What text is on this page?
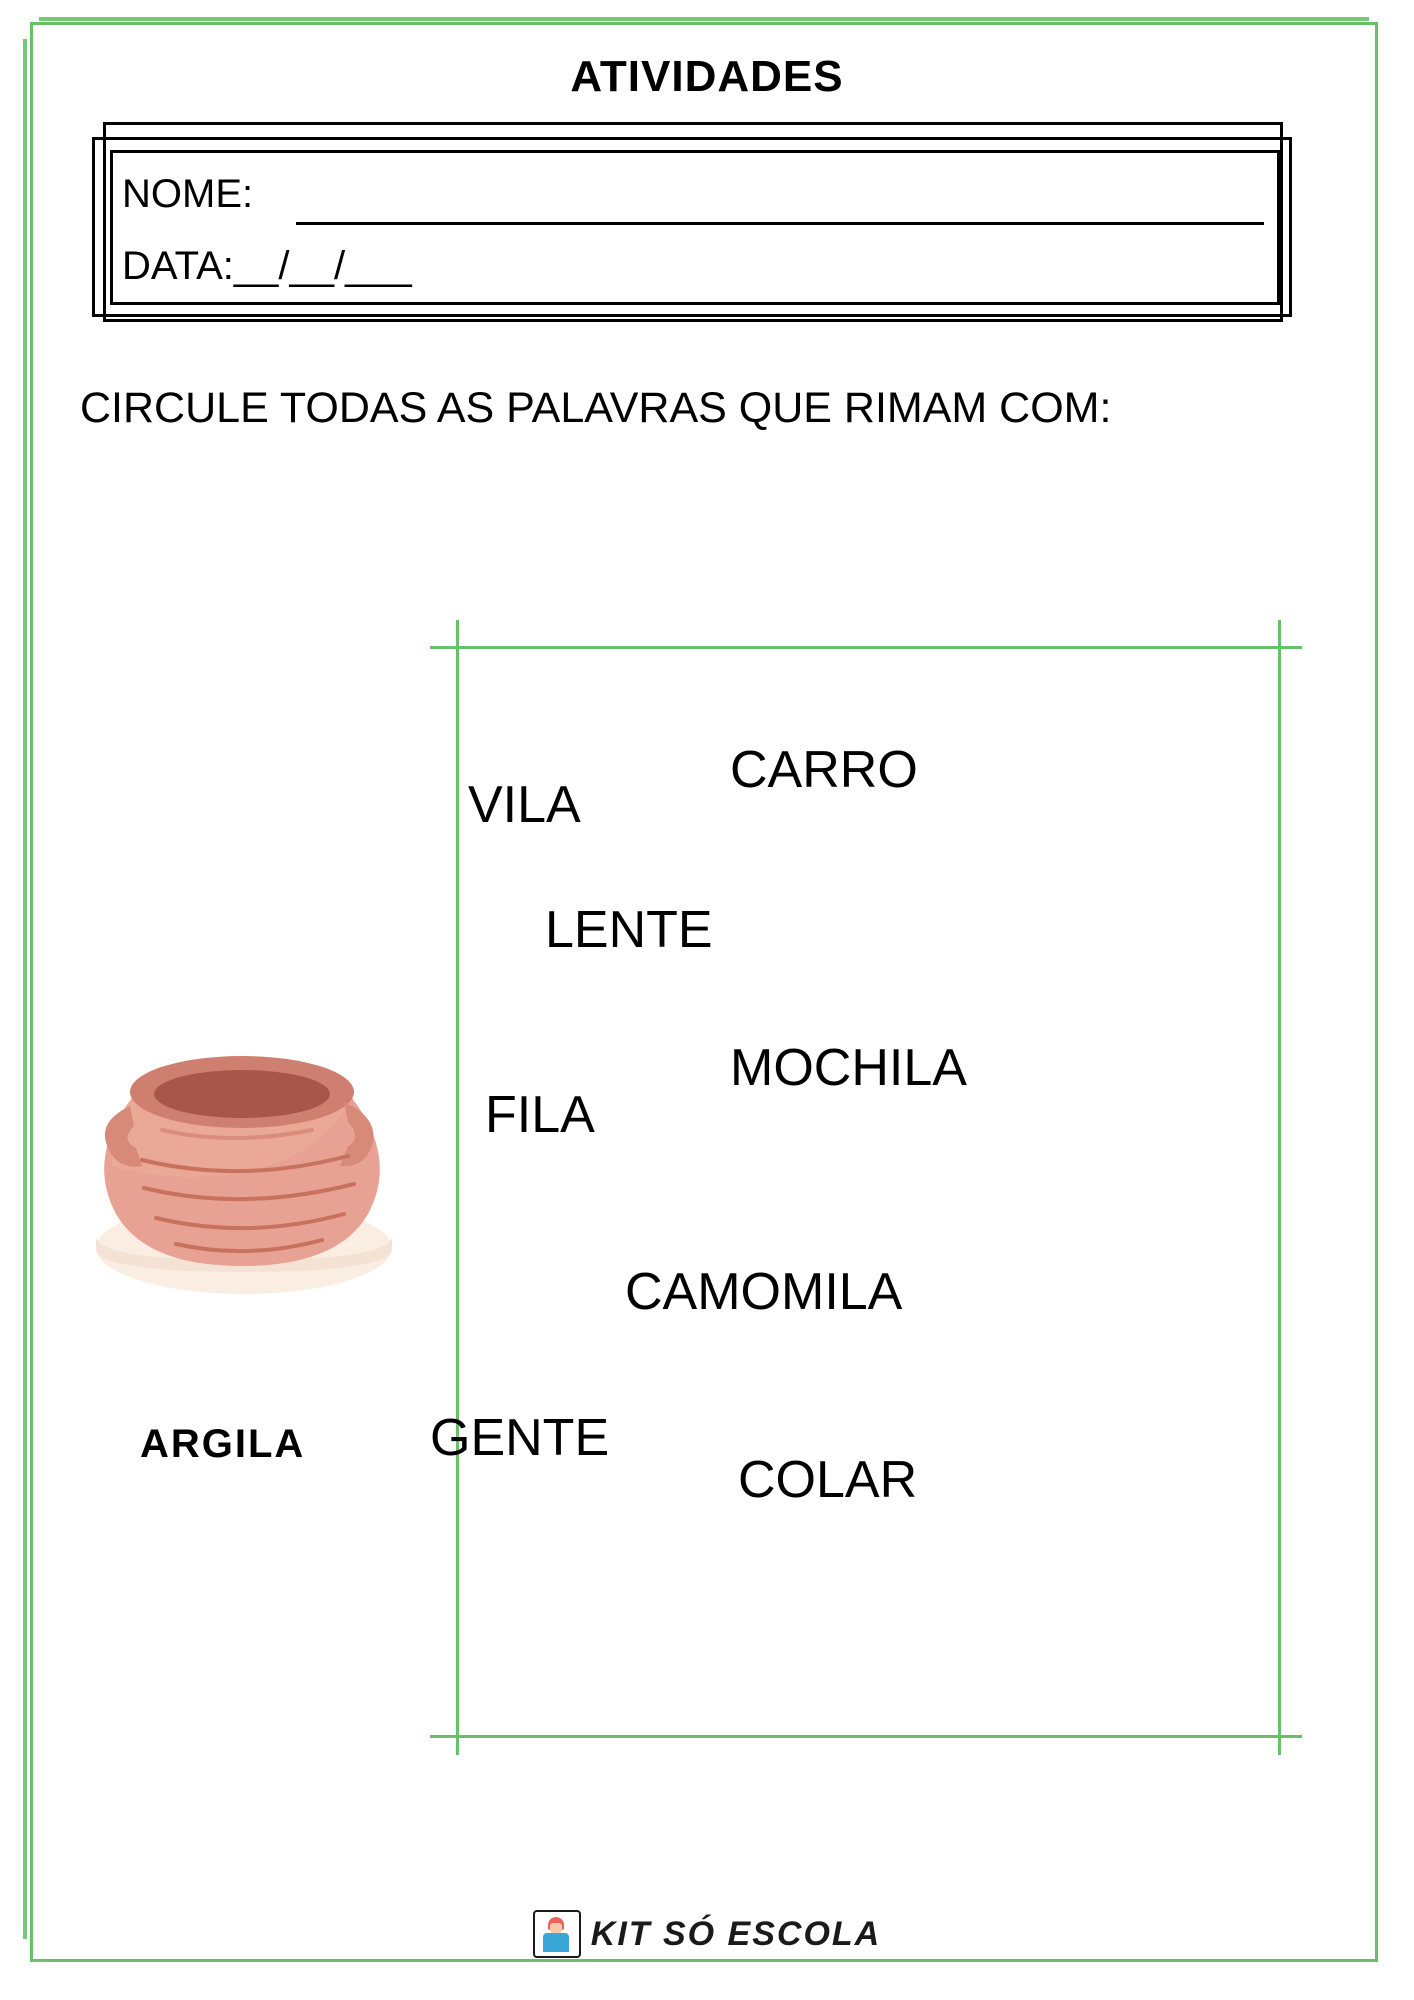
ATIVIDADES
NOME:
DATA:__/__/___
CIRCULE TODAS AS PALAVRAS QUE RIMAM COM:
ARGILA
CARRO
VILA
LENTE
MOCHILA
FILA
CAMOMILA
GENTE
COLAR
KIT SÓ ESCOLA
